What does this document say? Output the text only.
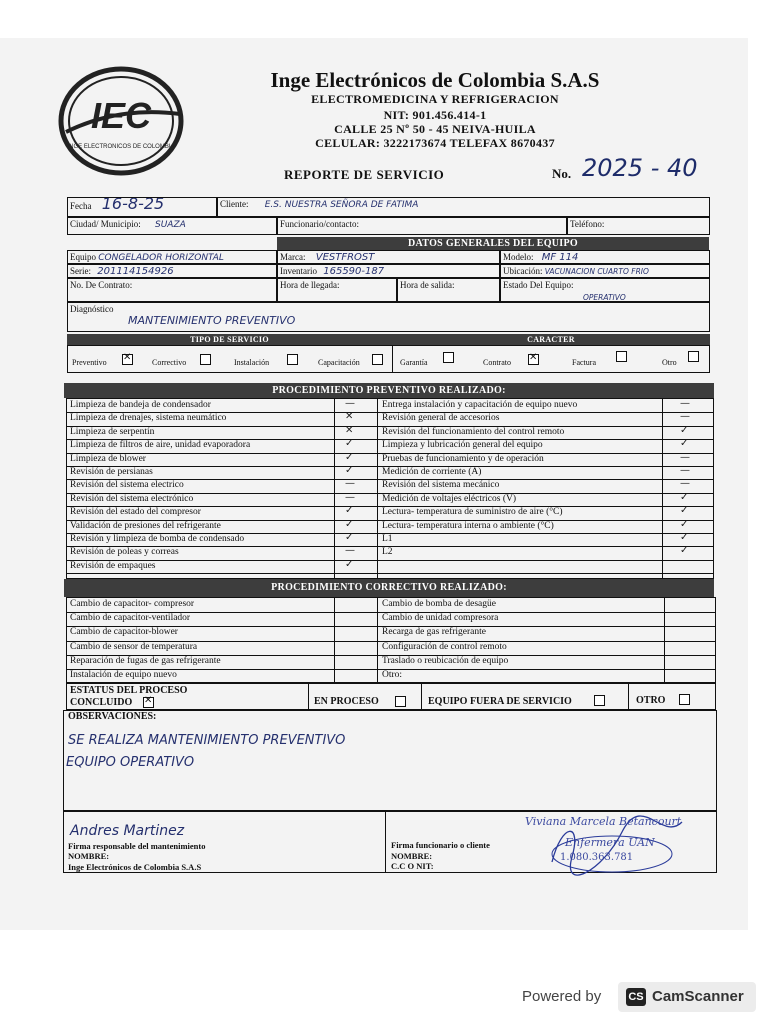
IEC
INGE ELECTRONICOS DE COLOMBIA
Inge Electrónicos de Colombia S.A.S
ELECTROMEDICINA Y REFRIGERACION
NIT: 901.456.414-1
CALLE 25 Nº 50 - 45 NEIVA-HUILA
CELULAR: 3222173674 TELEFAX 8670437
REPORTE DE SERVICIO	No. 2025 - 40
Fecha 16-8-25	Cliente: E.S. NUESTRA SEÑORA DE FATIMA
Ciudad/ Municipio: SUAZA	Funcionario/contacto:	Teléfono:
DATOS GENERALES DEL EQUIPO
Equipo CONGELADOR HORIZONTAL	Marca: VESTFROST	Modelo: MF 114
Serie: 201114154926	Inventario 165590-187	Ubicación: VACUNACION CUARTO FRIO
No. De Contrato:	Hora de llegada:	Hora de salida:	Estado Del Equipo:
OPERATIVO
Diagnóstico
MANTENIMIENTO PREVENTIVO
TIPO DE SERVICIO	CARACTER
Preventivo ✕	Correctivo	Instalación	Capacitación	Garantía	Contrato ✕	Factura	Otro
PROCEDIMIENTO PREVENTIVO REALIZADO:
Limpieza de bandeja de condensador	—	Entrega instalación y capacitación de equipo nuevo	—
Limpieza de drenajes, sistema neumático	✕	Revisión general de accesorios	—
Limpieza de serpentín	✕	Revisión del funcionamiento del control remoto	✓
Limpieza de filtros de aire, unidad evaporadora	✓	Limpieza y lubricación general del equipo	✓
Limpieza de blower	✓	Pruebas de funcionamiento y de operación	—
Revisión de persianas	✓	Medición de corriente (A)	—
Revisión del sistema electrico	—	Revisión del sistema mecánico	—
Revisión del sistema electrónico	—	Medición de voltajes eléctricos (V)	✓
Revisión del estado del compresor	✓	Lectura- temperatura de suministro de aire (°C)	✓
Validación de presiones del refrigerante	✓	Lectura- temperatura interna o ambiente (°C)	✓
Revisión y limpieza de bomba de condensado	✓	L1	✓
Revisión de poleas y correas	—	L2	✓
Revisión de empaques	✓
PROCEDIMIENTO CORRECTIVO REALIZADO:
Cambio de capacitor- compresor	Cambio de bomba de desagüe
Cambio de capacitor-ventilador	Cambio de unidad compresora
Cambio de capacitor-blower	Recarga de gas refrigerante
Cambio de sensor de temperatura	Configuración de control remoto
Reparación de fugas de gas refrigerante	Traslado o reubicación de equipo
Instalación de equipo nuevo	Otro:
ESTATUS DEL PROCESO
CONCLUIDO ✕	EN PROCESO	EQUIPO FUERA DE SERVICIO	OTRO
OBSERVACIONES:
SE REALIZA MANTENIMIENTO PREVENTIVO
EQUIPO OPERATIVO
Andres Martinez
Firma responsable del mantenimiento
NOMBRE:
Inge Electrónicos de Colombia S.A.S
Firma funcionario o cliente
NOMBRE:
C.C O NIT:
Viviana Marcela Betancourt
Enfermera UAN
1.080.363.781
Powered by CS CamScanner
